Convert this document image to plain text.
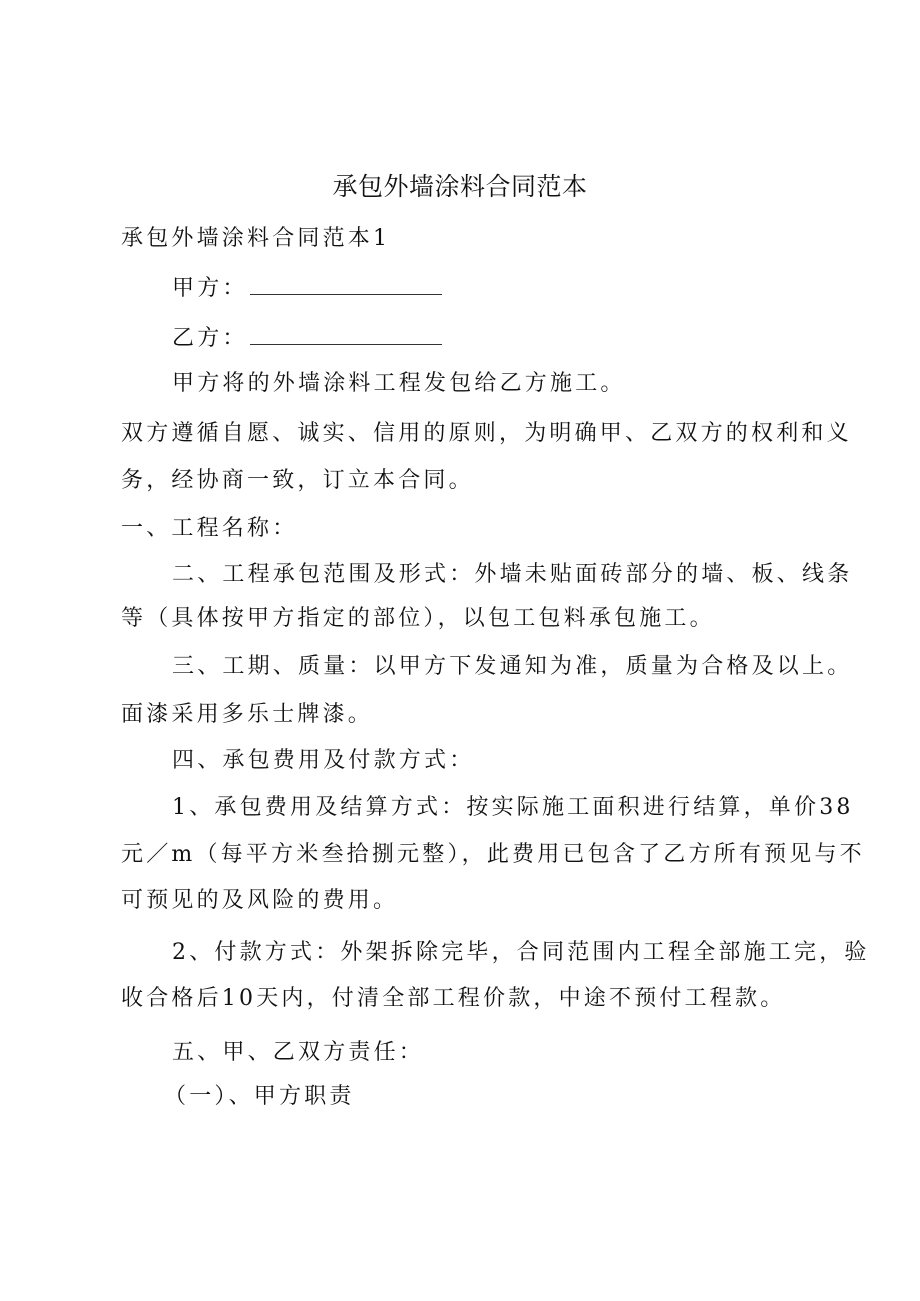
承包外墙涂料合同范本
承包外墙涂料合同范本1
甲方：
乙方：
甲方将的外墙涂料工程发包给乙方施工。
双方遵循自愿、诚实、信用的原则，为明确甲、乙双方的权利和义
务，经协商一致，订立本合同。
一、工程名称：
二、工程承包范围及形式：外墙未贴面砖部分的墙、板、线条
等（具体按甲方指定的部位），以包工包料承包施工。
三、工期、质量：以甲方下发通知为准，质量为合格及以上。
面漆采用多乐士牌漆。
四、承包费用及付款方式：
1、承包费用及结算方式：按实际施工面积进行结算，单价38
元／m（每平方米叁拾捌元整），此费用已包含了乙方所有预见与不
可预见的及风险的费用。
2、付款方式：外架拆除完毕，合同范围内工程全部施工完，验
收合格后10天内，付清全部工程价款，中途不预付工程款。
五、甲、乙双方责任：
（一）、甲方职责
